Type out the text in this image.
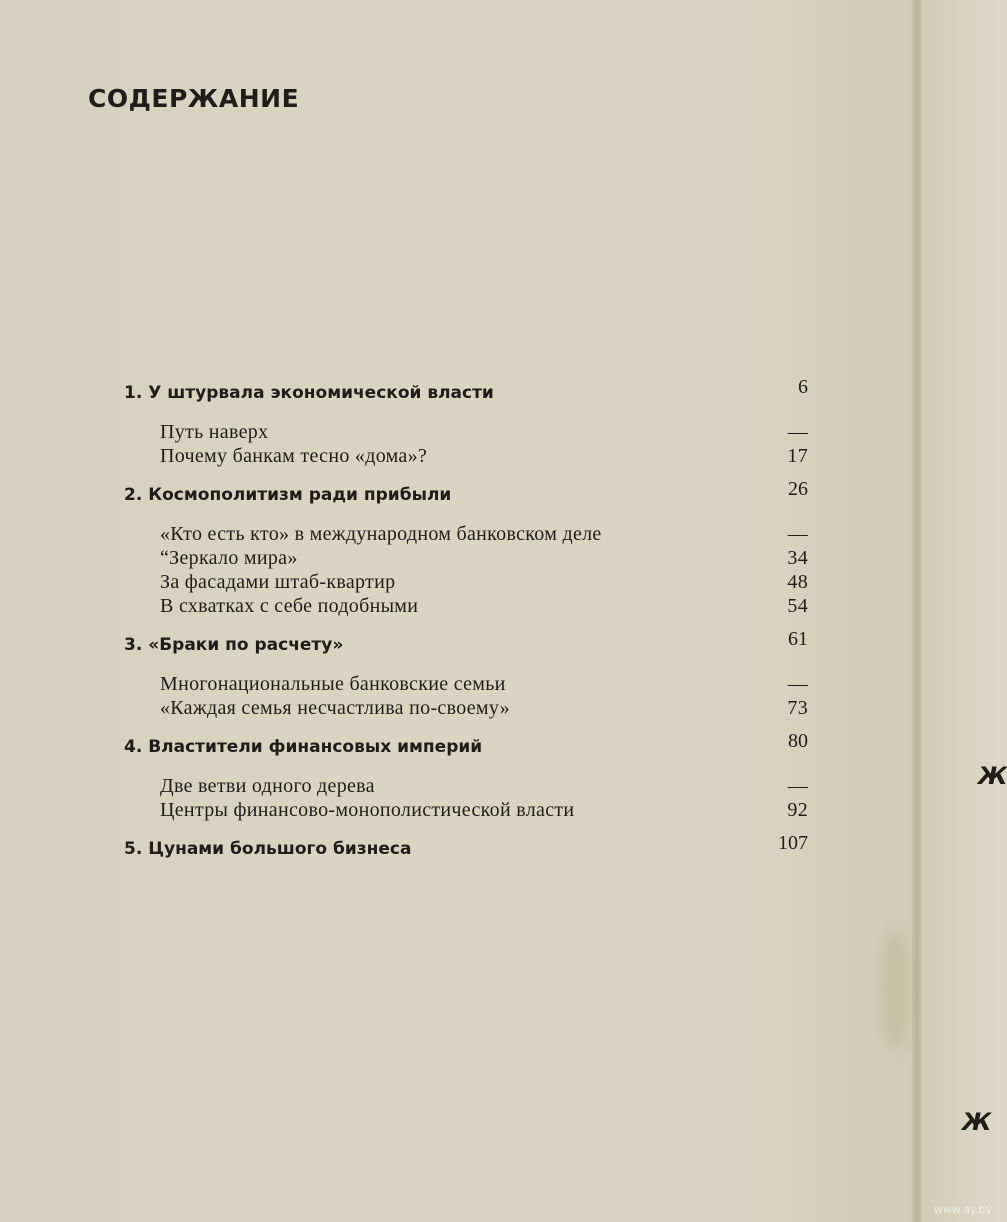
СОДЕРЖАНИЕ
1. У штурвала экономической власти	6
Путь наверх	—
Почему банкам тесно «дома»?	17
2. Космополитизм ради прибыли	26
«Кто есть кто» в международном банковском деле	—
“Зеркало мира»	34
За фасадами штаб-квартир	48
В схватках с себе подобными	54
3. «Браки по расчету»	61
Многонациональные банковские семьи	—
«Каждая семья несчастлива по-своему»	73
4. Властители финансовых империй	80
Две ветви одного дерева	—
Центры финансово-монополистической власти	92
5. Цунами большого бизнеса	107
Ж
Ж
www.ay.by
